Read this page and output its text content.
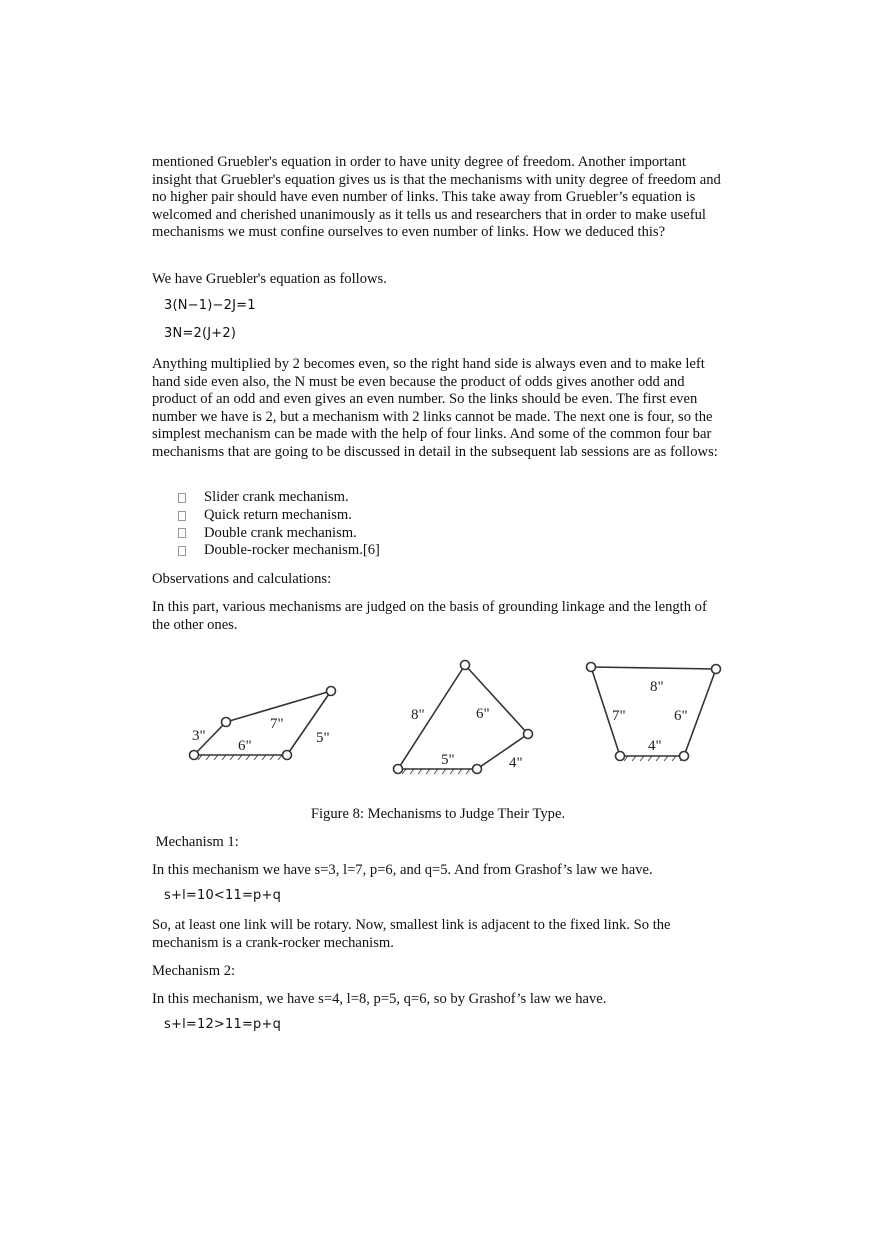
mentioned Gruebler's equation in order to have unity degree of freedom. Another important insight that Gruebler's equation gives us is that the mechanisms with unity degree of freedom and no higher pair should have even number of links. This take away from Gruebler’s equation is welcomed and cherished unanimously as it tells us and researchers that in order to make useful mechanisms we must confine ourselves to even number of links. How we deduced this?

We have Gruebler's equation as follows.

3(N−1)−2J=1
3N=2(J+2)

Anything multiplied by 2 becomes even, so the right hand side is always even and to make left hand side even also, the N must be even because the product of odds gives another odd and product of an odd and even gives an even number. So the links should be even. The first even number we have is 2, but a mechanism with 2 links cannot be made. The next one is four, so the simplest mechanism can be made with the help of four links. And some of the common four bar mechanisms that are going to be discussed in detail in the subsequent lab sessions are as follows:

Slider crank mechanism.
Quick return mechanism.
Double crank mechanism.
Double-rocker mechanism.[6]

Observations and calculations:

In this part, various mechanisms are judged on the basis of grounding linkage and the length of the other ones.

3"
7"
6"	5"
8"	6"
5"	4"
8"
7"	6"
4"
Figure 8: Mechanisms to Judge Their Type.

Mechanism 1:

In this mechanism we have s=3, l=7, p=6, and q=5. And from Grashof’s law we have.

s+l=10<11=p+q

So, at least one link will be rotary. Now, smallest link is adjacent to the fixed link. So the mechanism is a crank-rocker mechanism.

Mechanism 2:

In this mechanism, we have s=4, l=8, p=5, q=6, so by Grashof’s law we have.

s+l=12>11=p+q
